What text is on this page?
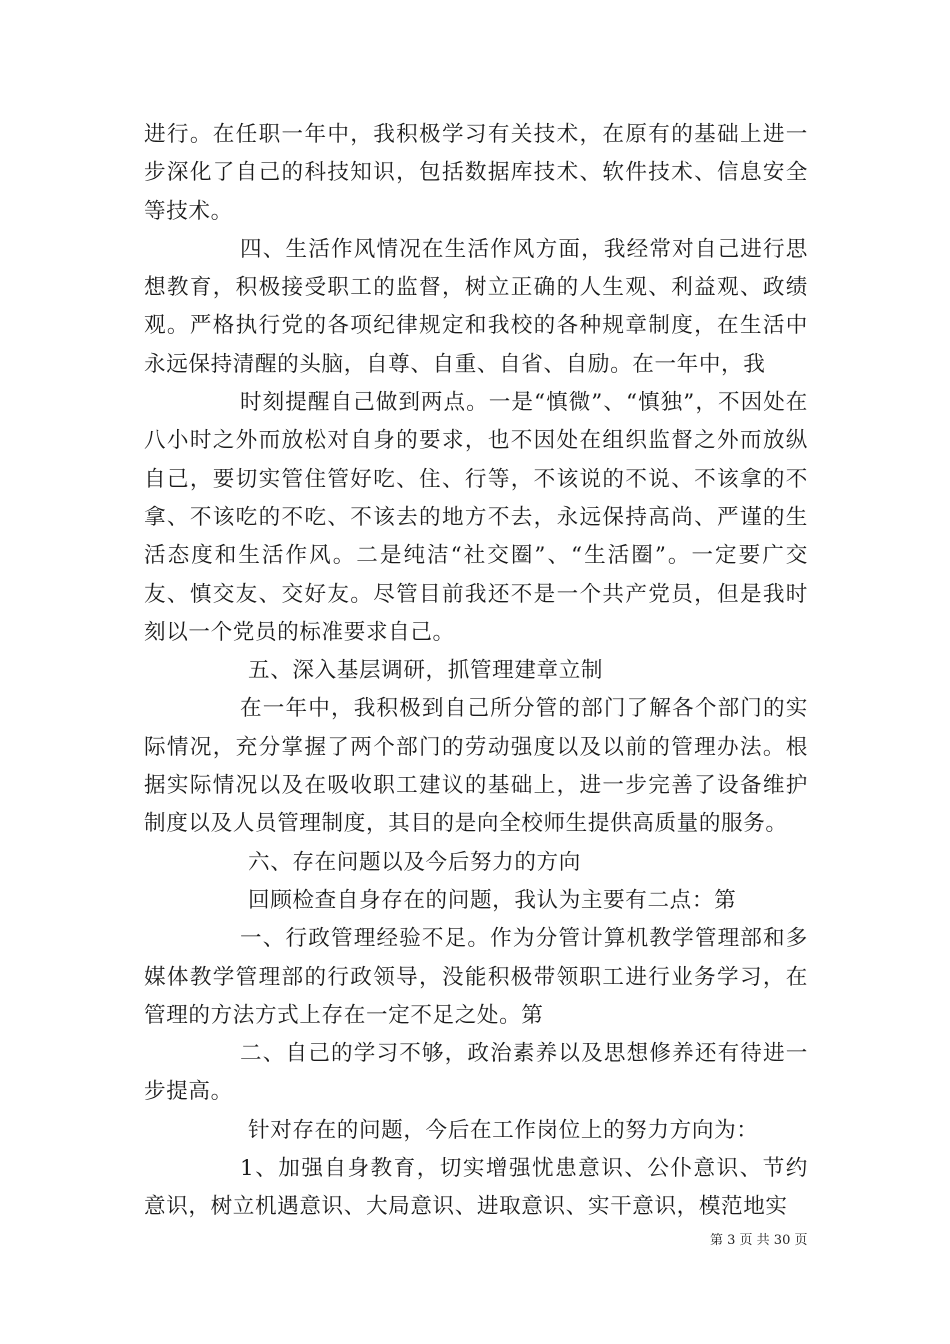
进行。在任职一年中，我积极学习有关技术，在原有的基础上进一步深化了自己的科技知识，包括数据库技术、软件技术、信息安全等技术。

四、生活作风情况在生活作风方面，我经常对自己进行思想教育，积极接受职工的监督，树立正确的人生观、利益观、政绩观。严格执行党的各项纪律规定和我校的各种规章制度，在生活中永远保持清醒的头脑，自尊、自重、自省、自励。在一年中，我

时刻提醒自己做到两点。一是“慎微”、“慎独”，不因处在八小时之外而放松对自身的要求，也不因处在组织监督之外而放纵自己，要切实管住管好吃、住、行等，不该说的不说、不该拿的不拿、不该吃的不吃、不该去的地方不去，永远保持高尚、严谨的生活态度和生活作风。二是纯洁“社交圈”、“生活圈”。一定要广交友、慎交友、交好友。尽管目前我还不是一个共产党员，但是我时刻以一个党员的标准要求自己。

五、深入基层调研，抓管理建章立制

在一年中，我积极到自己所分管的部门了解各个部门的实际情况，充分掌握了两个部门的劳动强度以及以前的管理办法。根据实际情况以及在吸收职工建议的基础上，进一步完善了设备维护制度以及人员管理制度，其目的是向全校师生提供高质量的服务。

六、存在问题以及今后努力的方向

回顾检查自身存在的问题，我认为主要有二点：第

一、行政管理经验不足。作为分管计算机教学管理部和多媒体教学管理部的行政领导，没能积极带领职工进行业务学习，在管理的方法方式上存在一定不足之处。第

二、自己的学习不够，政治素养以及思想修养还有待进一步提高。

针对存在的问题，今后在工作岗位上的努力方向为：

1、加强自身教育，切实增强忧患意识、公仆意识、节约意识，树立机遇意识、大局意识、进取意识、实干意识，模范地实

第 3 页 共 30 页
